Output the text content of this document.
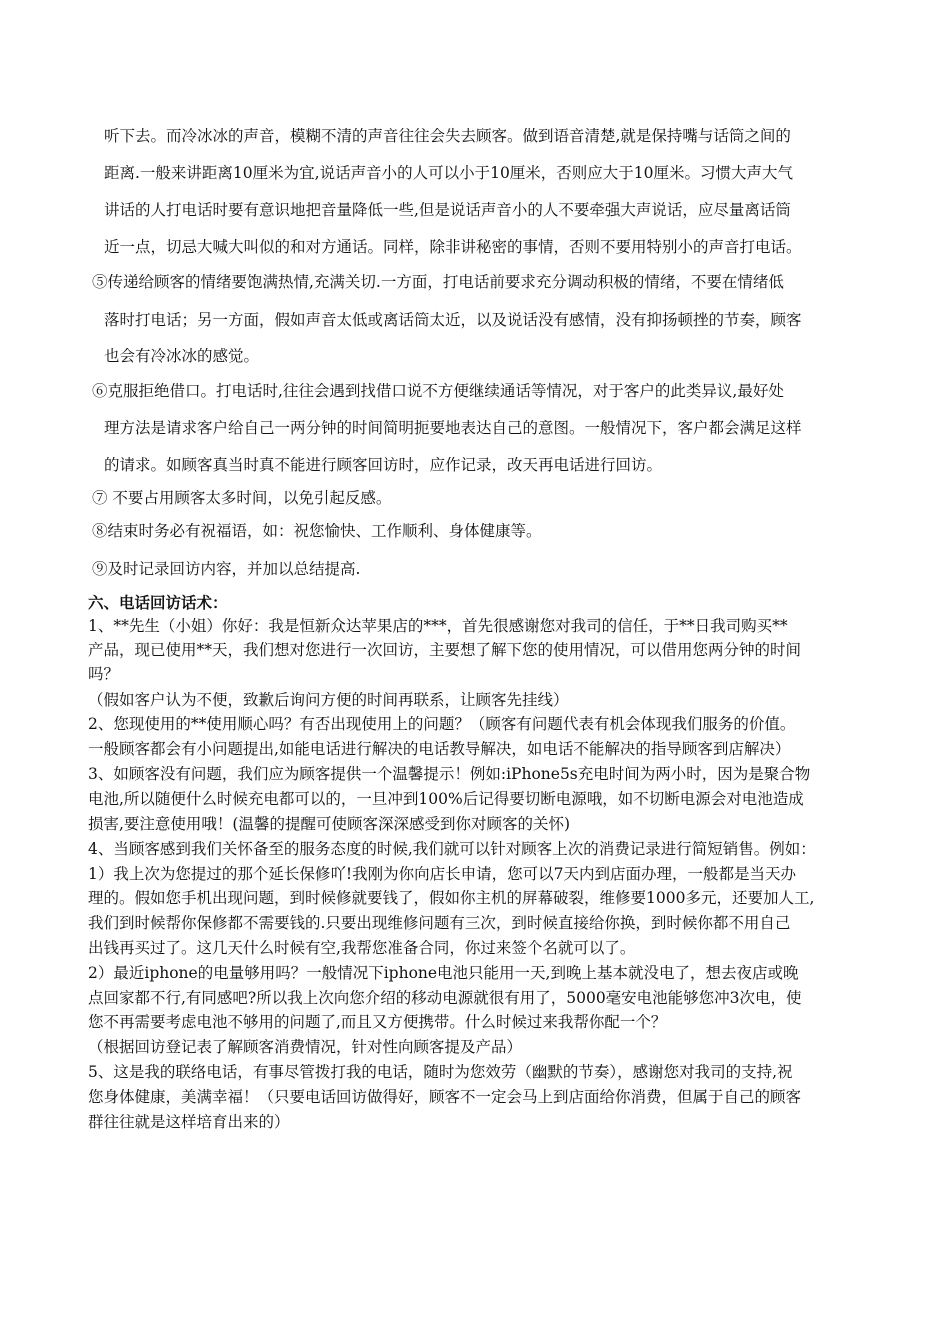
听下去。而冷冰冰的声音，模糊不清的声音往往会失去顾客。做到语音清楚,就是保持嘴与话筒之间的

距离.一般来讲距离10厘米为宜,说话声音小的人可以小于10厘米，否则应大于10厘米。习惯大声大气

讲话的人打电话时要有意识地把音量降低一些,但是说话声音小的人不要牵强大声说话，应尽量离话筒

近一点，切忌大喊大叫似的和对方通话。同样，除非讲秘密的事情，否则不要用特别小的声音打电话。

⑤传递给顾客的情绪要饱满热情,充满关切.一方面，打电话前要求充分调动积极的情绪，不要在情绪低

落时打电话；另一方面，假如声音太低或离话筒太近，以及说话没有感情，没有抑扬顿挫的节奏，顾客

也会有冷冰冰的感觉。

⑥克服拒绝借口。打电话时,往往会遇到找借口说不方便继续通话等情况，对于客户的此类异议,最好处

理方法是请求客户给自己一两分钟的时间简明扼要地表达自己的意图。一般情况下，客户都会满足这样

的请求。如顾客真当时真不能进行顾客回访时，应作记录，改天再电话进行回访。

⑦ 不要占用顾客太多时间，以免引起反感。

⑧结束时务必有祝福语，如：祝您愉快、工作顺利、身体健康等。

⑨及时记录回访内容，并加以总结提高.

六、电话回访话术：

1、**先生（小姐）你好：我是恒新众达苹果店的***，首先很感谢您对我司的信任，于**日我司购买**

产品，现已使用**天，我们想对您进行一次回访，主要想了解下您的使用情况，可以借用您两分钟的时间

吗？

（假如客户认为不便，致歉后询问方便的时间再联系，让顾客先挂线）

2、您现使用的**使用顺心吗？有否出现使用上的问题？（顾客有问题代表有机会体现我们服务的价值。

一般顾客都会有小问题提出,如能电话进行解决的电话教导解决，如电话不能解决的指导顾客到店解决）

3、如顾客没有问题，我们应为顾客提供一个温馨提示！例如:iPhone5s充电时间为两小时，因为是聚合物

电池,所以随便什么时候充电都可以的，一旦冲到100%后记得要切断电源哦，如不切断电源会对电池造成

损害,要注意使用哦！(温馨的提醒可使顾客深深感受到你对顾客的关怀)

4、当顾客感到我们关怀备至的服务态度的时候,我们就可以针对顾客上次的消费记录进行简短销售。例如：

1）我上次为您提过的那个延长保修吖!我刚为你向店长申请，您可以7天内到店面办理，一般都是当天办

理的。假如您手机出现问题，到时候修就要钱了，假如你主机的屏幕破裂，维修要1000多元，还要加人工,

我们到时候帮你保修都不需要钱的.只要出现维修问题有三次，到时候直接给你换，到时候你都不用自己

出钱再买过了。这几天什么时候有空,我帮您准备合同，你过来签个名就可以了。

2）最近iphone的电量够用吗？一般情况下iphone电池只能用一天,到晚上基本就没电了，想去夜店或晚

点回家都不行,有同感吧?所以我上次向您介绍的移动电源就很有用了，5000毫安电池能够您冲3次电，使

您不再需要考虑电池不够用的问题了,而且又方便携带。什么时候过来我帮你配一个？

（根据回访登记表了解顾客消费情况，针对性向顾客提及产品）

5、这是我的联络电话，有事尽管拨打我的电话，随时为您效劳（幽默的节奏），感谢您对我司的支持,祝

您身体健康，美满幸福！（只要电话回访做得好，顾客不一定会马上到店面给你消费，但属于自己的顾客

群往往就是这样培育出来的）
